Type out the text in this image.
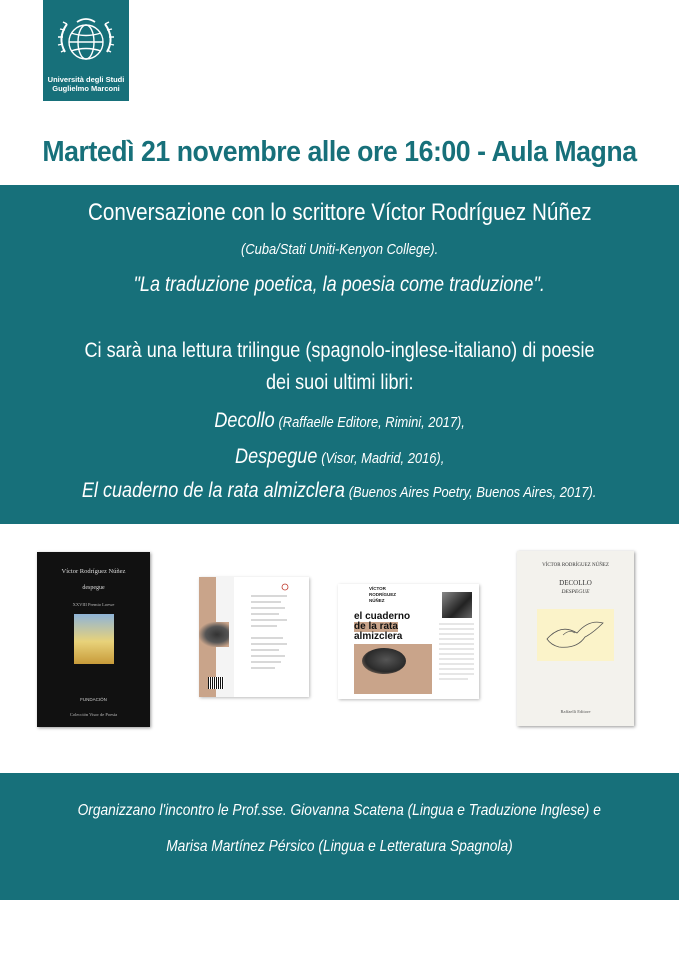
Università degli Studi
Guglielmo Marconi
Martedì 21 novembre alle ore 16:00 - Aula Magna
Conversazione con lo scrittore Víctor Rodríguez Núñez
(Cuba/Stati Uniti-Kenyon College).
"La traduzione poetica, la poesia come traduzione".
Ci sarà una lettura trilingue (spagnolo-inglese-italiano) di poesie
dei suoi ultimi libri:
Decollo (Raffaelle Editore, Rimini, 2017),
Despegue (Visor, Madrid, 2016),
El cuaderno de la rata almizclera (Buenos Aires Poetry, Buenos Aires, 2017).
Víctor Rodríguez Núñez
despegue
XXVIII Premio Loewe
FUNDACIÓN
Colección Visor de Poesía
VÍCTOR RODRÍGUEZ NÚÑEZ
el cuaderno
de la rata
almizclera
VÍCTOR RODRÍGUEZ NÚÑEZ
DECOLLO
DESPEGUE
Raffaelli Editore
Organizzano l'incontro le Prof.sse. Giovanna Scatena (Lingua e Traduzione Inglese) e
Marisa Martínez Pérsico (Lingua e Letteratura Spagnola)
